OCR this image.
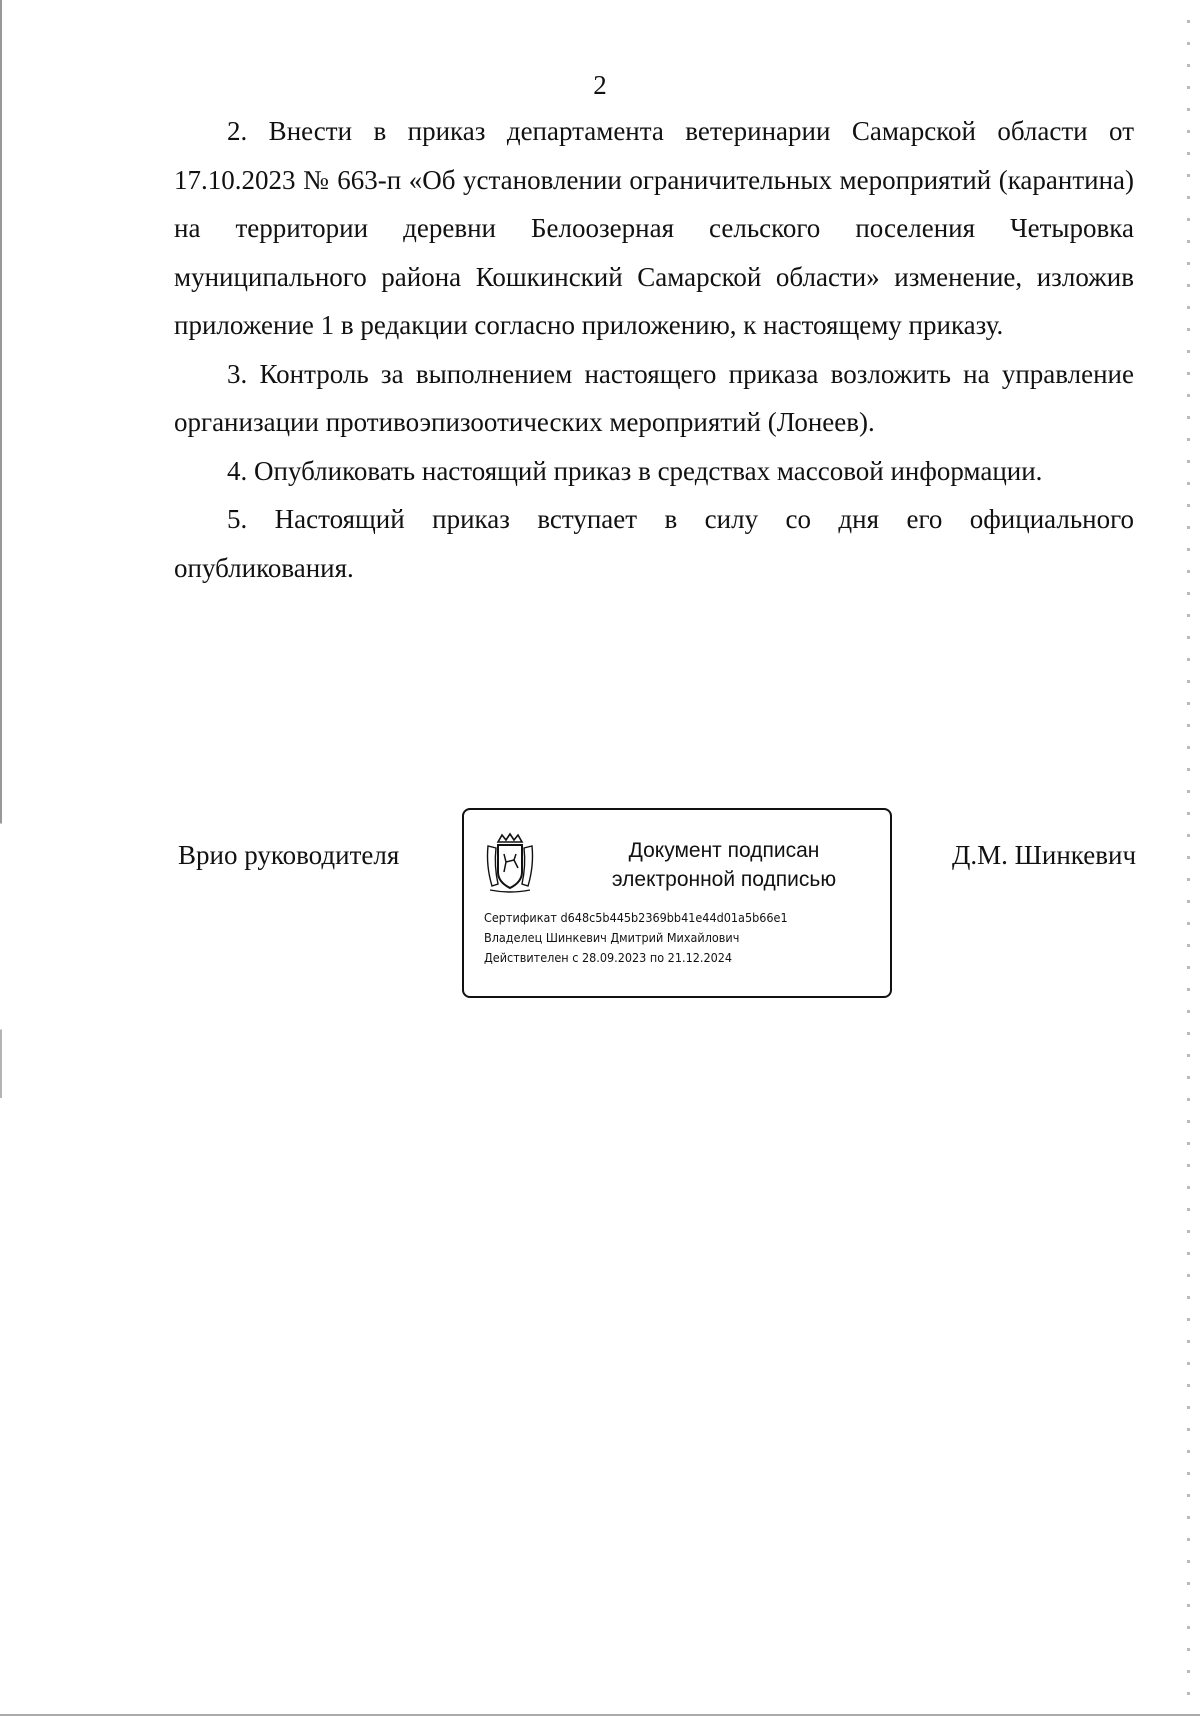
2

2. Внести в приказ департамента ветеринарии Самарской области от 17.10.2023 № 663-п «Об установлении ограничительных мероприятий (карантина) на территории деревни Белоозерная сельского поселения Четыровка муниципального района Кошкинский Самарской области» изменение, изложив приложение 1 в редакции согласно приложению, к настоящему приказу.

3. Контроль за выполнением настоящего приказа возложить на управление организации противоэпизоотических мероприятий (Лонеев).

4. Опубликовать настоящий приказ в средствах массовой информации.

5. Настоящий приказ вступает в силу со дня его официального опубликования.

Врио руководителя	Документ подписан
электронной подписью
Сертификат d648c5b445b2369bb41e44d01a5b66e1
Владелец Шинкевич Дмитрий Михайлович
Действителен с 28.09.2023 по 21.12.2024
Д.М. Шинкевич
